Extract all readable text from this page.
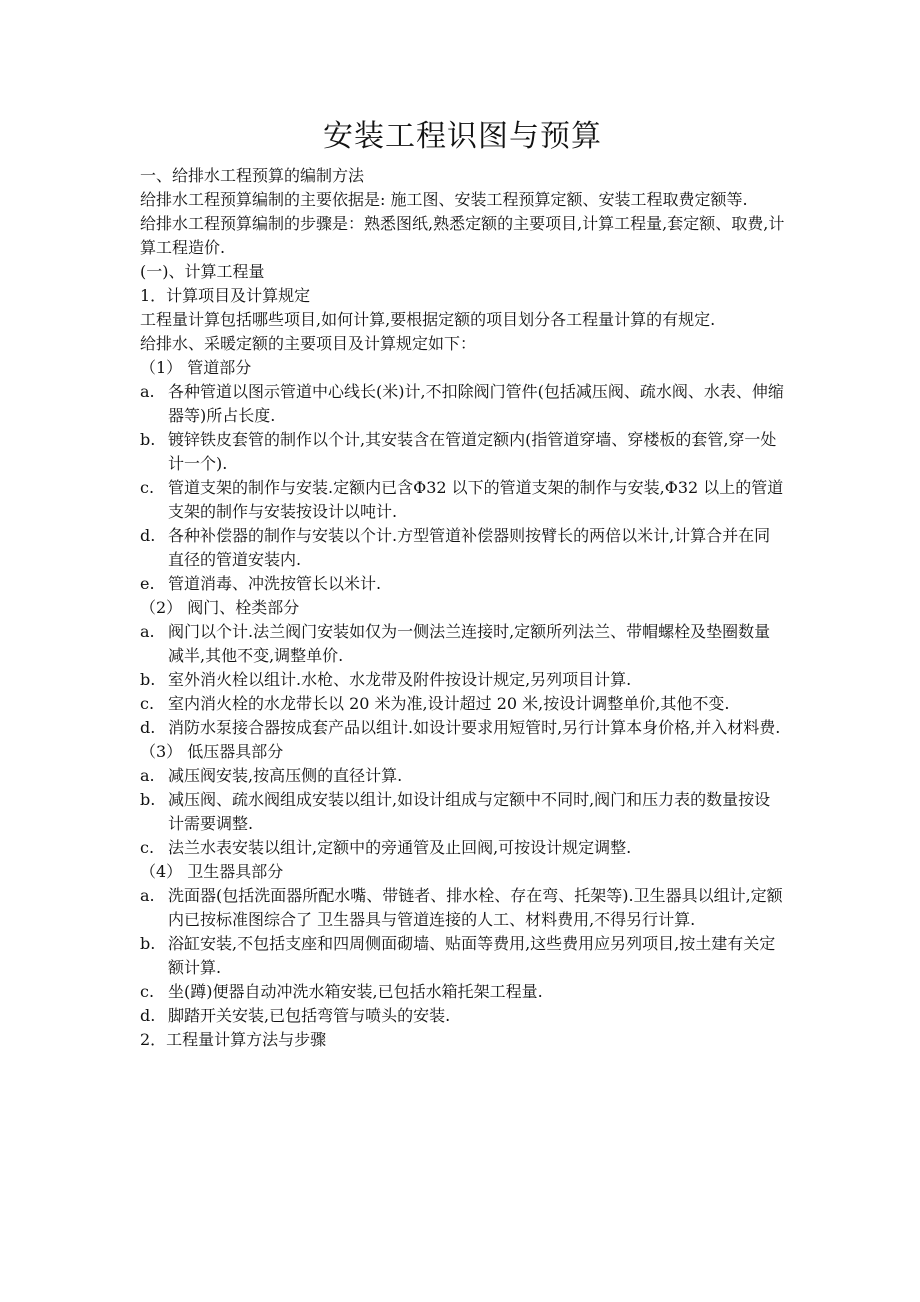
安装工程识图与预算
一、给排水工程预算的编制方法
给排水工程预算编制的主要依据是: 施工图、安装工程预算定额、安装工程取费定额等.
给排水工程预算编制的步骤是：熟悉图纸,熟悉定额的主要项目,计算工程量,套定额、取费,计算工程造价.
(一)、计算工程量
1．计算项目及计算规定
工程量计算包括哪些项目,如何计算,要根据定额的项目划分各工程量计算的有规定.
给排水、采暖定额的主要项目及计算规定如下：
（1） 管道部分
a. 各种管道以图示管道中心线长(米)计,不扣除阀门管件(包括减压阀、疏水阀、水表、伸缩器等)所占长度.
b. 镀锌铁皮套管的制作以个计,其安装含在管道定额内(指管道穿墙、穿楼板的套管,穿一处计一个).
c. 管道支架的制作与安装.定额内已含Φ32 以下的管道支架的制作与安装,Φ32 以上的管道支架的制作与安装按设计以吨计.
d. 各种补偿器的制作与安装以个计.方型管道补偿器则按臂长的两倍以米计,计算合并在同直径的管道安装内.
e. 管道消毒、冲洗按管长以米计.
（2） 阀门、栓类部分
a. 阀门以个计.法兰阀门安装如仅为一侧法兰连接时,定额所列法兰、带帽螺栓及垫圈数量减半,其他不变,调整单价.
b. 室外消火栓以组计.水枪、水龙带及附件按设计规定,另列项目计算.
c. 室内消火栓的水龙带长以 20 米为准,设计超过 20 米,按设计调整单价,其他不变.
d. 消防水泵接合器按成套产品以组计.如设计要求用短管时,另行计算本身价格,并入材料费.
（3） 低压器具部分
a. 减压阀安装,按高压侧的直径计算.
b. 减压阀、疏水阀组成安装以组计,如设计组成与定额中不同时,阀门和压力表的数量按设计需要调整.
c. 法兰水表安装以组计,定额中的旁通管及止回阀,可按设计规定调整.
（4） 卫生器具部分
a. 洗面器(包括洗面器所配水嘴、带链者、排水栓、存在弯、托架等).卫生器具以组计,定额内已按标准图综合了 卫生器具与管道连接的人工、材料费用,不得另行计算.
b. 浴缸安装,不包括支座和四周侧面砌墙、贴面等费用,这些费用应另列项目,按土建有关定额计算.
c. 坐(蹲)便器自动冲洗水箱安装,已包括水箱托架工程量.
d. 脚踏开关安装,已包括弯管与喷头的安装.
2．工程量计算方法与步骤
